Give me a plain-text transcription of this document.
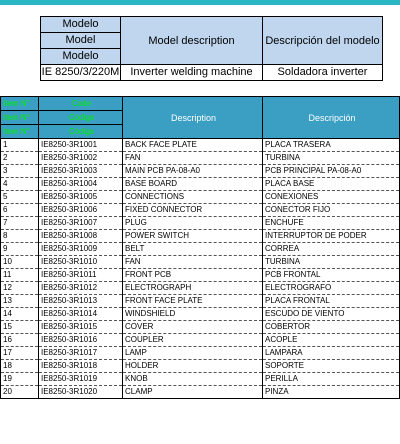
Modelo	Model description	Descripción del modelo
Model		
Modelo		
IE 8250/3/220M	Inverter welding machine	Soldadora inverter
Item N°	Code	Description	Descripción
Item N°	Código		
Item N°	Código		
1	IE8250-3R1001	BACK FACE PLATE	PLACA TRASERA
2	IE8250-3R1002	FAN	TURBINA
3	IE8250-3R1003	MAIN PCB PA-08-A0	PCB PRINCIPAL PA-08-A0
4	IE8250-3R1004	BASE BOARD	PLACA BASE
5	IE8250-3R1005	CONNECTIONS	CONEXIONES
6	IE8250-3R1006	FIXED CONNECTOR	CONECTOR FIJO
7	IE8250-3R1007	PLUG	ENCHUFE
8	IE8250-3R1008	POWER SWITCH	INTERRUPTOR DE PODER
9	IE8250-3R1009	BELT	CORREA
10	IE8250-3R1010	FAN	TURBINA
11	IE8250-3R1011	FRONT PCB	PCB FRONTAL
12	IE8250-3R1012	ELECTROGRAPH	ELECTROGRAFO
13	IE8250-3R1013	FRONT FACE PLATE	PLACA FRONTAL
14	IE8250-3R1014	WINDSHIELD	ESCUDO DE VIENTO
15	IE8250-3R1015	COVER	COBERTOR
16	IE8250-3R1016	COUPLER	ACOPLE
17	IE8250-3R1017	LAMP	LAMPARA
18	IE8250-3R1018	HOLDER	SOPORTE
19	IE8250-3R1019	KNOB	PERILLA
20	IE8250-3R1020	CLAMP	PINZA
